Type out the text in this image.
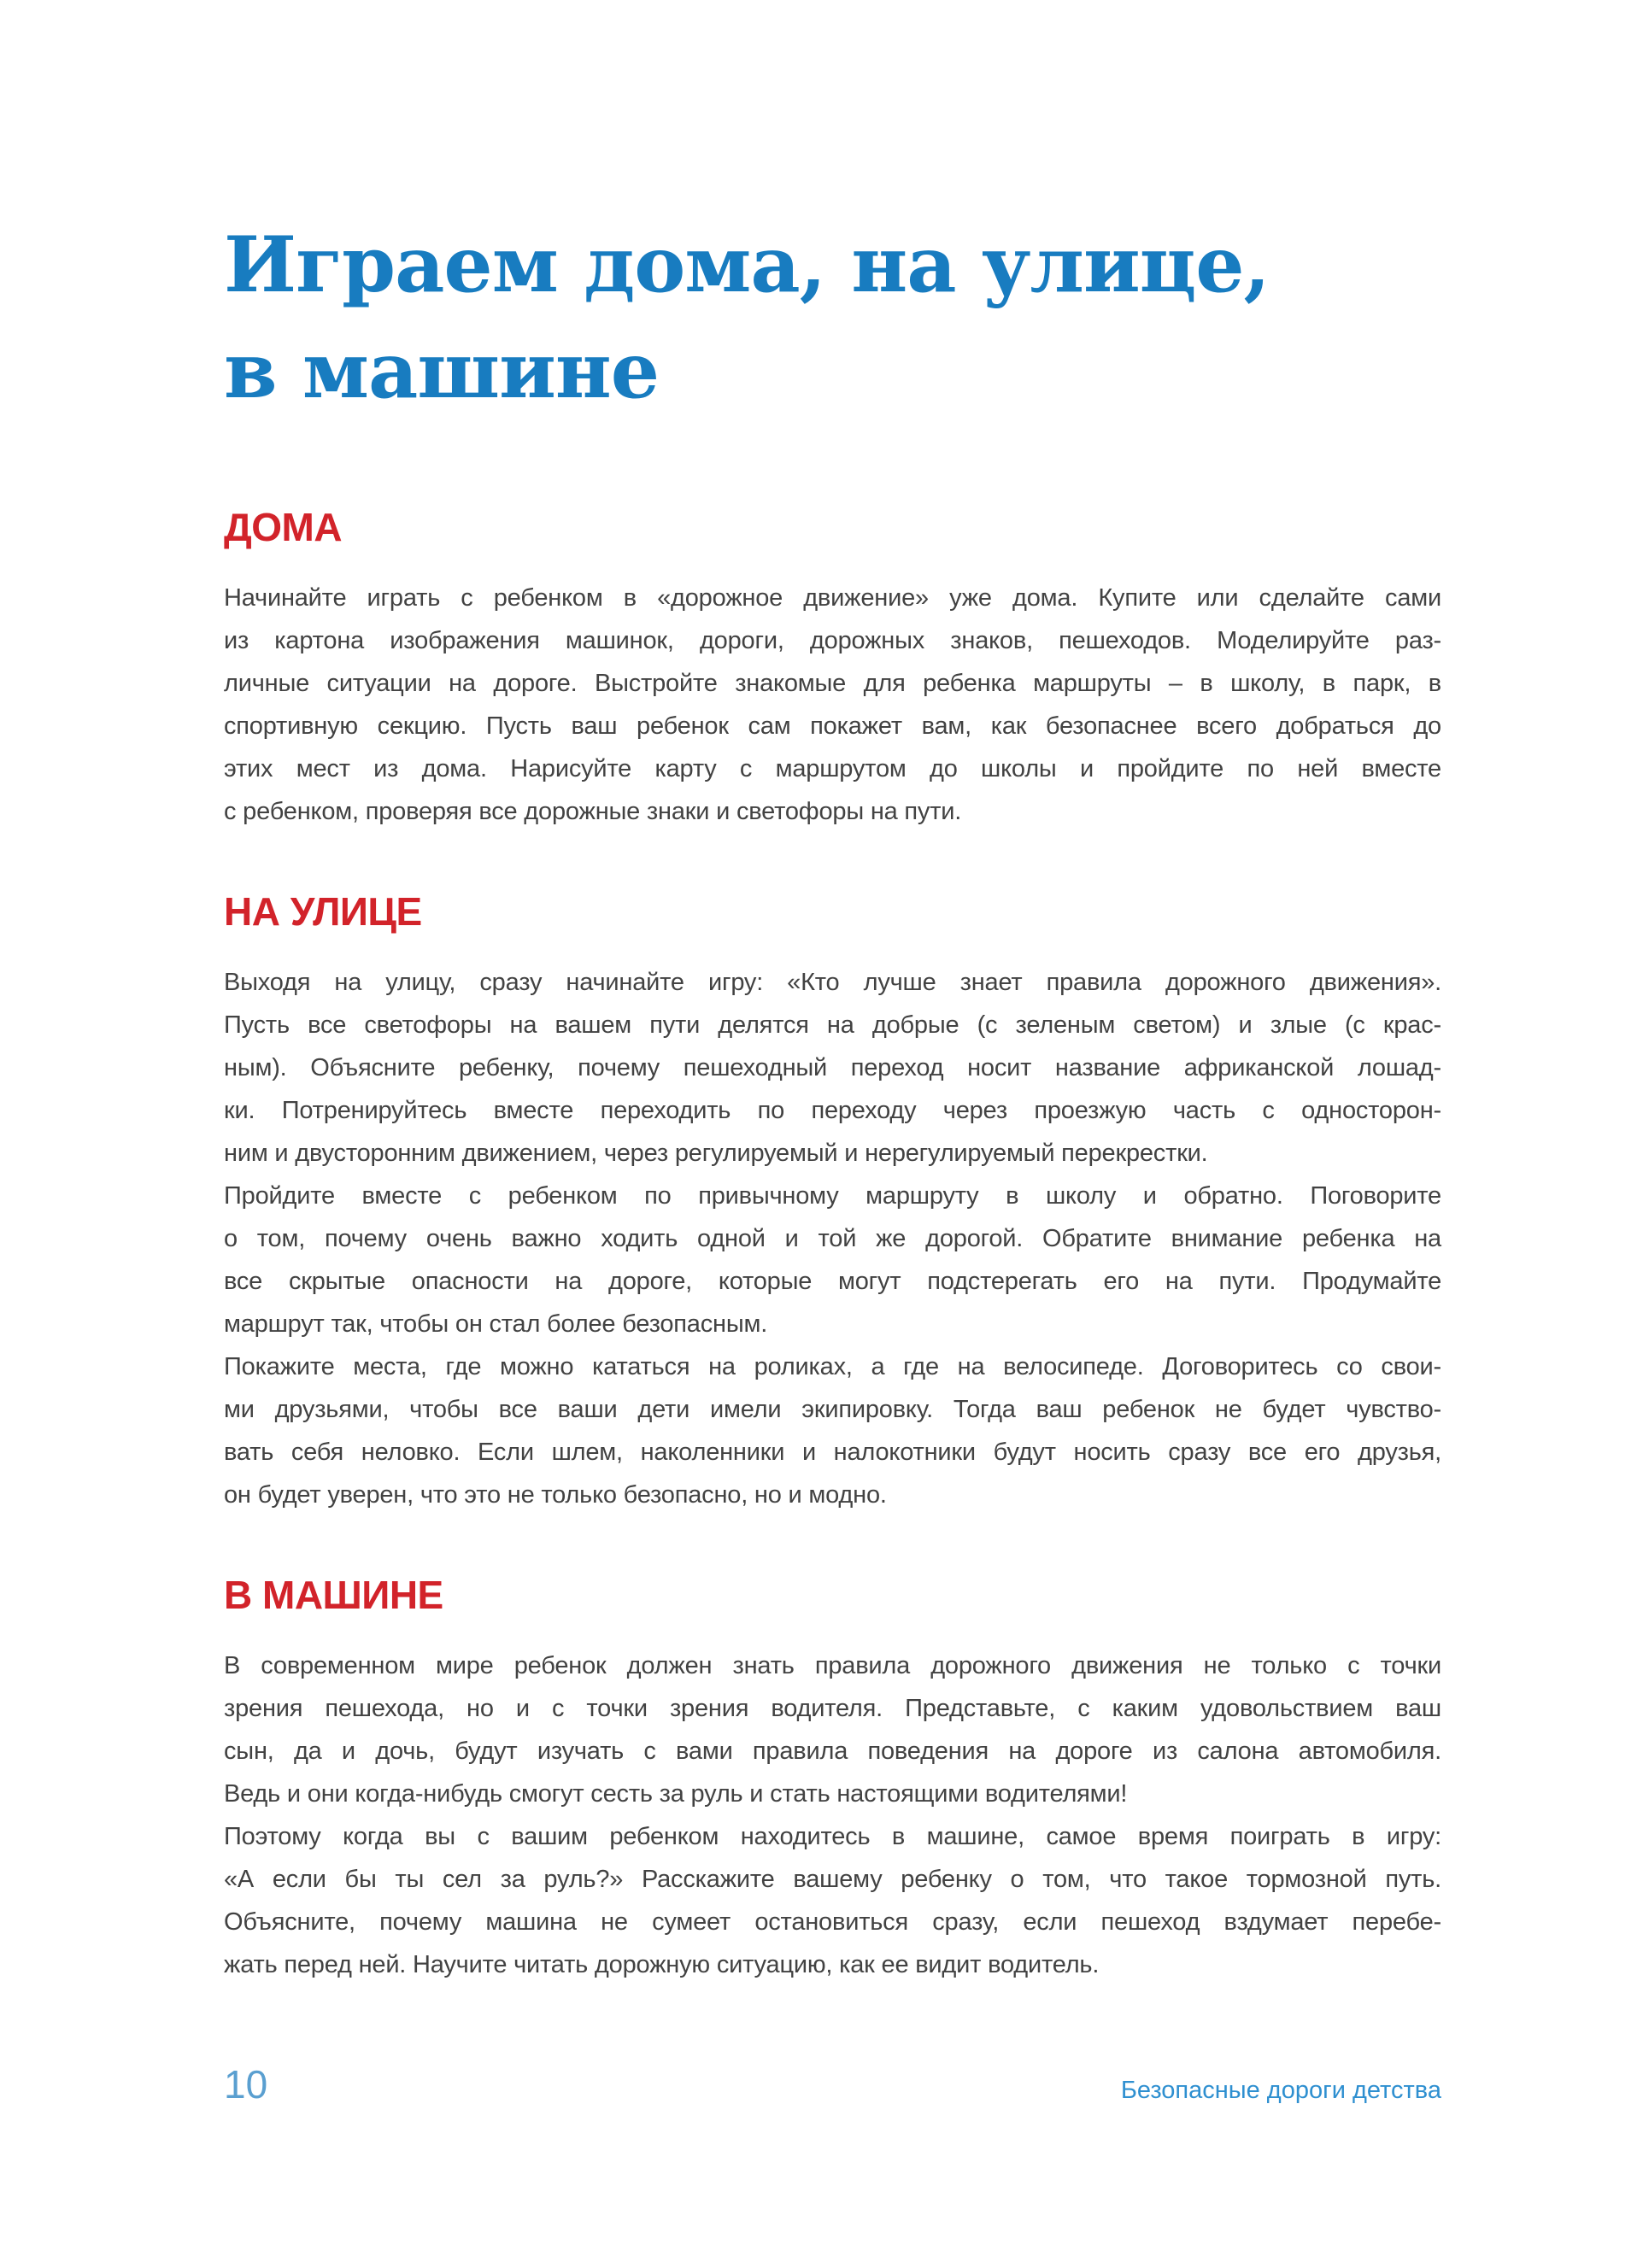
Играем дома, на улице,
в машине
ДОМА
Начинайте играть с ребенком в «дорожное движение» уже дома. Купите или сделайте сами
из картона изображения машинок, дороги, дорожных знаков, пешеходов. Моделируйте раз-
личные ситуации на дороге. Выстройте знакомые для ребенка маршруты – в школу, в парк, в
спортивную секцию. Пусть ваш ребенок сам покажет вам, как безопаснее всего добраться до
этих мест из дома. Нарисуйте карту с маршрутом до школы и пройдите по ней вместе
с ребенком, проверяя все дорожные знаки и светофоры на пути.
НА УЛИЦЕ
Выходя на улицу, сразу начинайте игру: «Кто лучше знает правила дорожного движения».
Пусть все светофоры на вашем пути делятся на добрые (с зеленым светом) и злые (с крас-
ным). Объясните ребенку, почему пешеходный переход носит название африканской лошад-
ки. Потренируйтесь вместе переходить по переходу через проезжую часть с односторон-
ним и двусторонним движением, через регулируемый и нерегулируемый перекрестки.
Пройдите вместе с ребенком по привычному маршруту в школу и обратно. Поговорите
о том, почему очень важно ходить одной и той же дорогой. Обратите внимание ребенка на
все скрытые опасности на дороге, которые могут подстерегать его на пути. Продумайте
маршрут так, чтобы он стал более безопасным.
Покажите места, где можно кататься на роликах, а где на велосипеде. Договоритесь со свои-
ми друзьями, чтобы все ваши дети имели экипировку. Тогда ваш ребенок не будет чувство-
вать себя неловко. Если шлем, наколенники и налокотники будут носить сразу все его друзья,
он будет уверен, что это не только безопасно, но и модно.
В МАШИНЕ
В современном мире ребенок должен знать правила дорожного движения не только с точки
зрения пешехода, но и с точки зрения водителя. Представьте, с каким удовольствием ваш
сын, да и дочь, будут изучать с вами правила поведения на дороге из салона автомобиля.
Ведь и они когда-нибудь смогут сесть за руль и стать настоящими водителями!
Поэтому когда вы с вашим ребенком находитесь в машине, самое время поиграть в игру:
«А если бы ты сел за руль?» Расскажите вашему ребенку о том, что такое тормозной путь.
Объясните, почему машина не сумеет остановиться сразу, если пешеход вздумает перебе-
жать перед ней. Научите читать дорожную ситуацию, как ее видит водитель.
10	Безопасные дороги детства
